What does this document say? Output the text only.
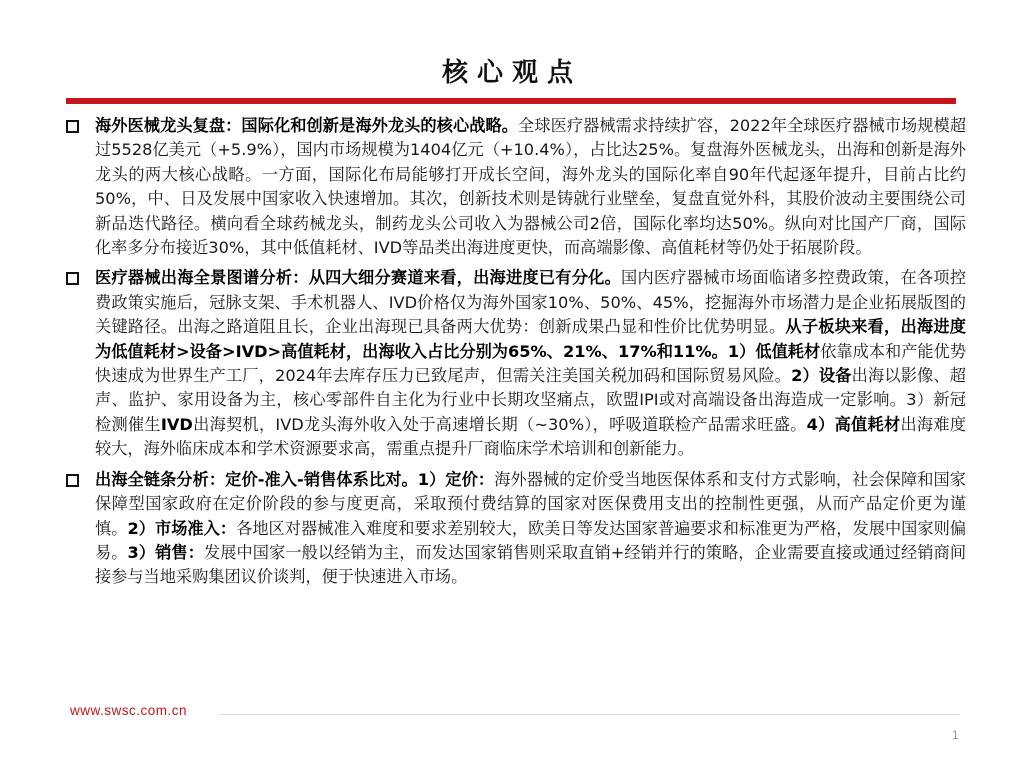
核心观点
海外医械龙头复盘：国际化和创新是海外龙头的核心战略。全球医疗器械需求持续扩容，2022年全球医疗器械市场规模超过5528亿美元（+5.9%），国内市场规模为1404亿元（+10.4%），占比达25%。复盘海外医械龙头，出海和创新是海外龙头的两大核心战略。一方面，国际化布局能够打开成长空间，海外龙头的国际化率自90年代起逐年提升，目前占比约50%，中、日及发展中国家收入快速增加。其次，创新技术则是铸就行业壁垒，复盘直觉外科，其股价波动主要围绕公司新品迭代路径。横向看全球药械龙头，制药龙头公司收入为器械公司2倍，国际化率均达50%。纵向对比国产厂商，国际化率多分布接近30%，其中低值耗材、IVD等品类出海进度更快，而高端影像、高值耗材等仍处于拓展阶段。
医疗器械出海全景图谱分析：从四大细分赛道来看，出海进度已有分化。国内医疗器械市场面临诸多控费政策，在各项控费政策实施后，冠脉支架、手术机器人、IVD价格仅为海外国家10%、50%、45%，挖掘海外市场潜力是企业拓展版图的关键路径。出海之路道阻且长，企业出海现已具备两大优势：创新成果凸显和性价比优势明显。从子板块来看，出海进度为低值耗材>设备>IVD>高值耗材，出海收入占比分别为65%、21%、17%和11%。1）低值耗材依靠成本和产能优势快速成为世界生产工厂，2024年去库存压力已致尾声，但需关注美国关税加码和国际贸易风险。2）设备出海以影像、超声、监护、家用设备为主，核心零部件自主化为行业中长期攻坚痛点，欧盟IPI或对高端设备出海造成一定影响。3）新冠检测催生IVD出海契机，IVD龙头海外收入处于高速增长期（~30%），呼吸道联检产品需求旺盛。4）高值耗材出海难度较大，海外临床成本和学术资源要求高，需重点提升厂商临床学术培训和创新能力。
出海全链条分析：定价-准入-销售体系比对。1）定价：海外器械的定价受当地医保体系和支付方式影响，社会保障和国家保障型国家政府在定价阶段的参与度更高，采取预付费结算的国家对医保费用支出的控制性更强，从而产品定价更为谨慎。2）市场准入：各地区对器械准入难度和要求差别较大，欧美日等发达国家普遍要求和标准更为严格，发展中国家则偏易。3）销售：发展中国家一般以经销为主，而发达国家销售则采取直销+经销并行的策略，企业需要直接或通过经销商间接参与当地采购集团议价谈判，便于快速进入市场。
www.swsc.com.cn
1
